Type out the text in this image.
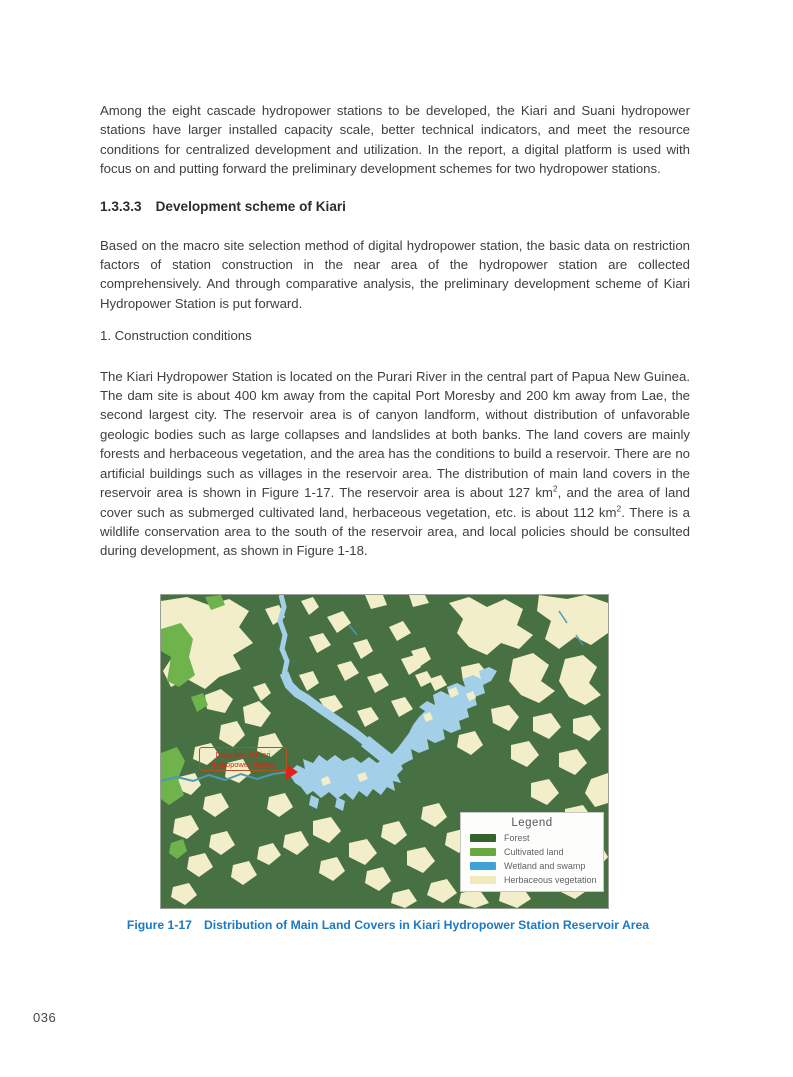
Among the eight cascade hydropower stations to be developed, the Kiari and Suani hydropower stations have larger installed capacity scale, better technical indicators, and meet the resource conditions for centralized development and utilization. In the report, a digital platform is used with focus on and putting forward the preliminary development schemes for two hydropower stations.

1.3.3.3 Development scheme of Kiari

Based on the macro site selection method of digital hydropower station, the basic data on restriction factors of station construction in the near area of the hydropower station are collected comprehensively. And through comparative analysis, the preliminary development scheme of Kiari Hydropower Station is put forward.

1. Construction conditions

The Kiari Hydropower Station is located on the Purari River in the central part of Papua New Guinea. The dam site is about 400 km away from the capital Port Moresby and 200 km away from Lae, the second largest city. The reservoir area is of canyon landform, without distribution of unfavorable geologic bodies such as large collapses and landslides at both banks. The land covers are mainly forests and herbaceous vegetation, and the area has the conditions to build a reservoir. There are no artificial buildings such as villages in the reservoir area. The distribution of main land covers in the reservoir area is shown in Figure 1-17. The reservoir area is about 127 $km^2$, and the area of land cover such as submerged cultivated land, herbaceous vegetation, etc. is about 112 $km^2$. There is a wildlife conservation area to the south of the reservoir area, and local policies should be consulted during development, as shown in Figure 1-18.

Dam site of Kiari
Hydropower Station
Legend
Forest
Cultivated land
Wetland and swamp
Herbaceous vegetation
Figure 1-17 Distribution of Main Land Covers in Kiari Hydropower Station Reservoir Area
036
